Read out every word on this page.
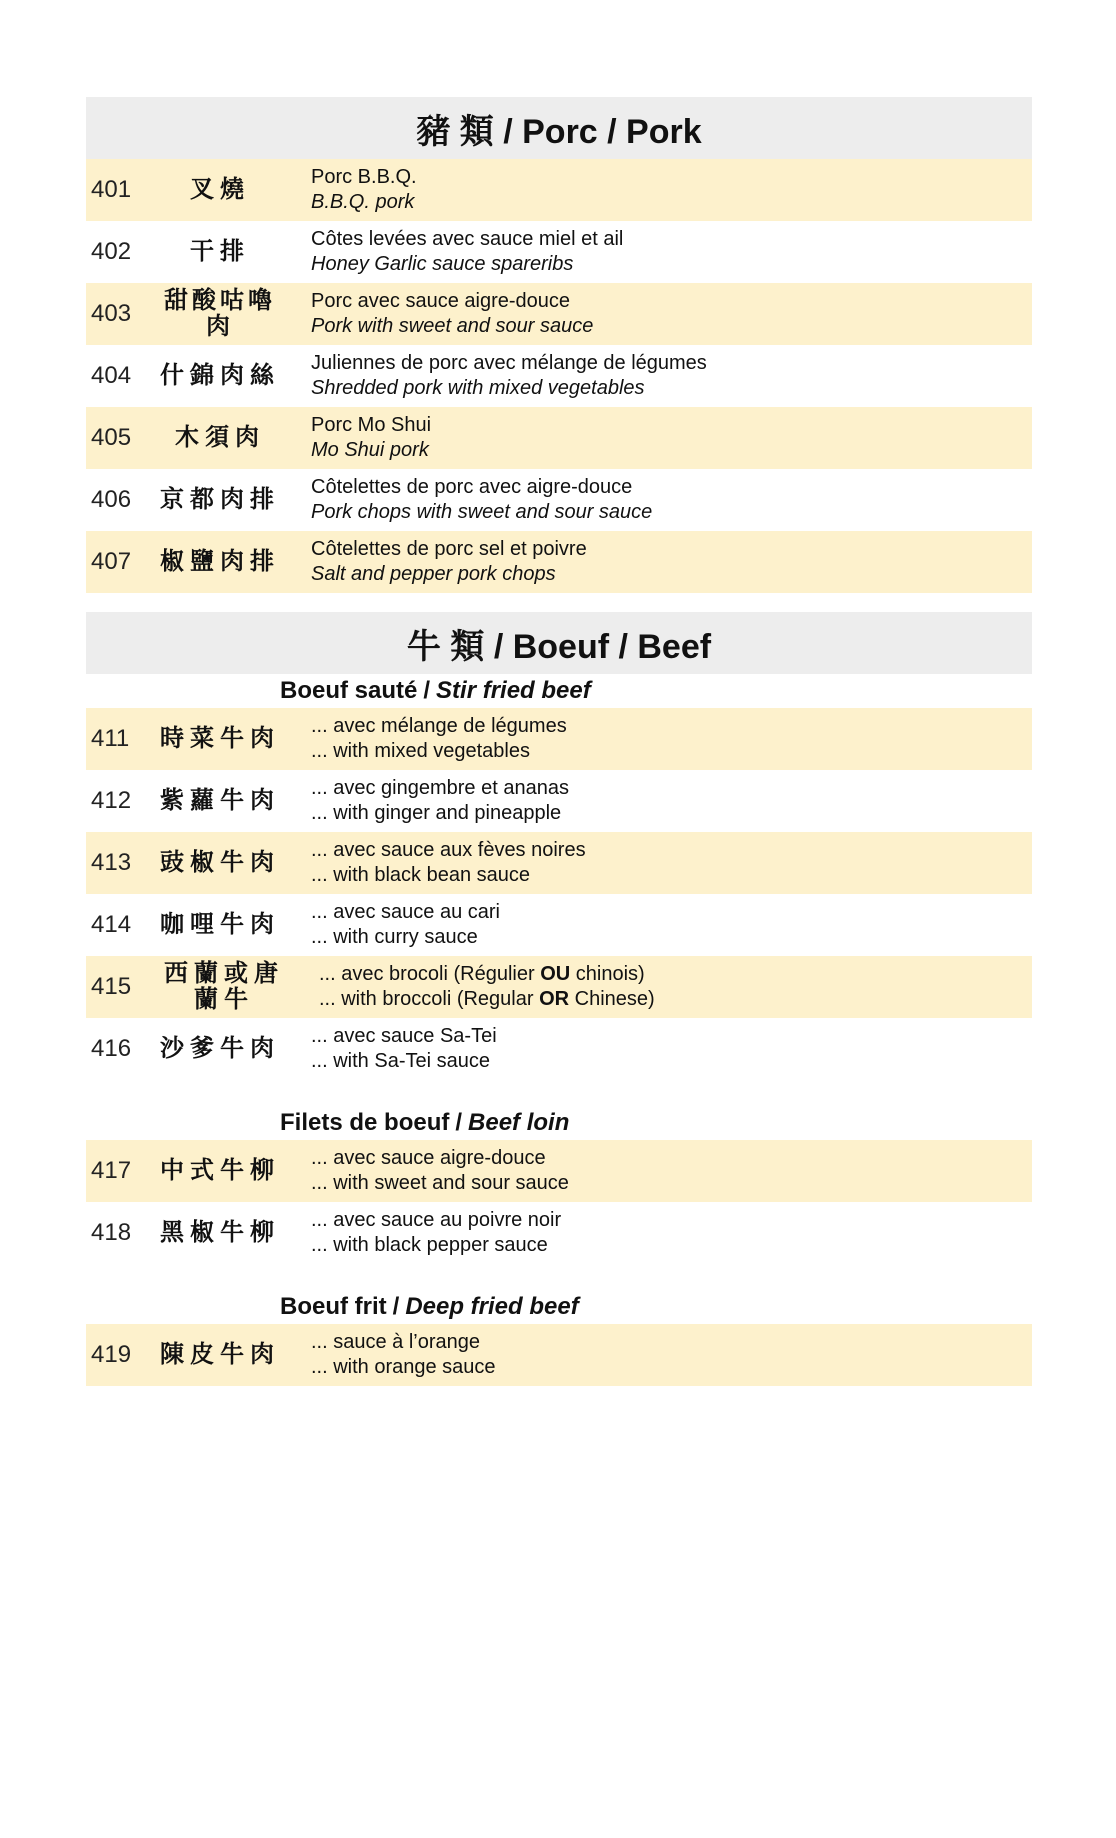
豬 類 / Porc / Pork
401	叉燒	Porc B.B.Q.
B.B.Q. pork
402	干排	Côtes levées avec sauce miel et ail
Honey Garlic sauce spareribs
403	甜酸咕嚕肉
Porc avec sauce aigre-douce
Pork with sweet and sour sauce
404	什錦肉絲	Juliennes de porc avec mélange de légumes
Shredded pork with mixed vegetables
405	木須肉	Porc Mo Shui
Mo Shui pork
406	京都肉排	Côtelettes de porc avec aigre-douce
Pork chops with sweet and sour sauce
407	椒鹽肉排	Côtelettes de porc sel et poivre
Salt and pepper pork chops
牛 類 / Boeuf / Beef
Boeuf sauté / Stir fried beef
411	時菜牛肉	... avec mélange de légumes
... with mixed vegetables
412	紫蘿牛肉	... avec gingembre et ananas
... with ginger and pineapple
413	豉椒牛肉	... avec sauce aux fèves noires
... with black bean sauce
414	咖哩牛肉	... avec sauce au cari
... with curry sauce
415	西蘭或唐蘭牛
... avec brocoli (Régulier OU chinois)
... with broccoli (Regular OR Chinese)
416	沙爹牛肉	... avec sauce Sa-Tei
... with Sa-Tei sauce
Filets de boeuf / Beef loin
417	中式牛柳	... avec sauce aigre-douce
... with sweet and sour sauce
418	黑椒牛柳	... avec sauce au poivre noir
... with black pepper sauce
Boeuf frit / Deep fried beef
419	陳皮牛肉	... sauce à l’orange
... with orange sauce
